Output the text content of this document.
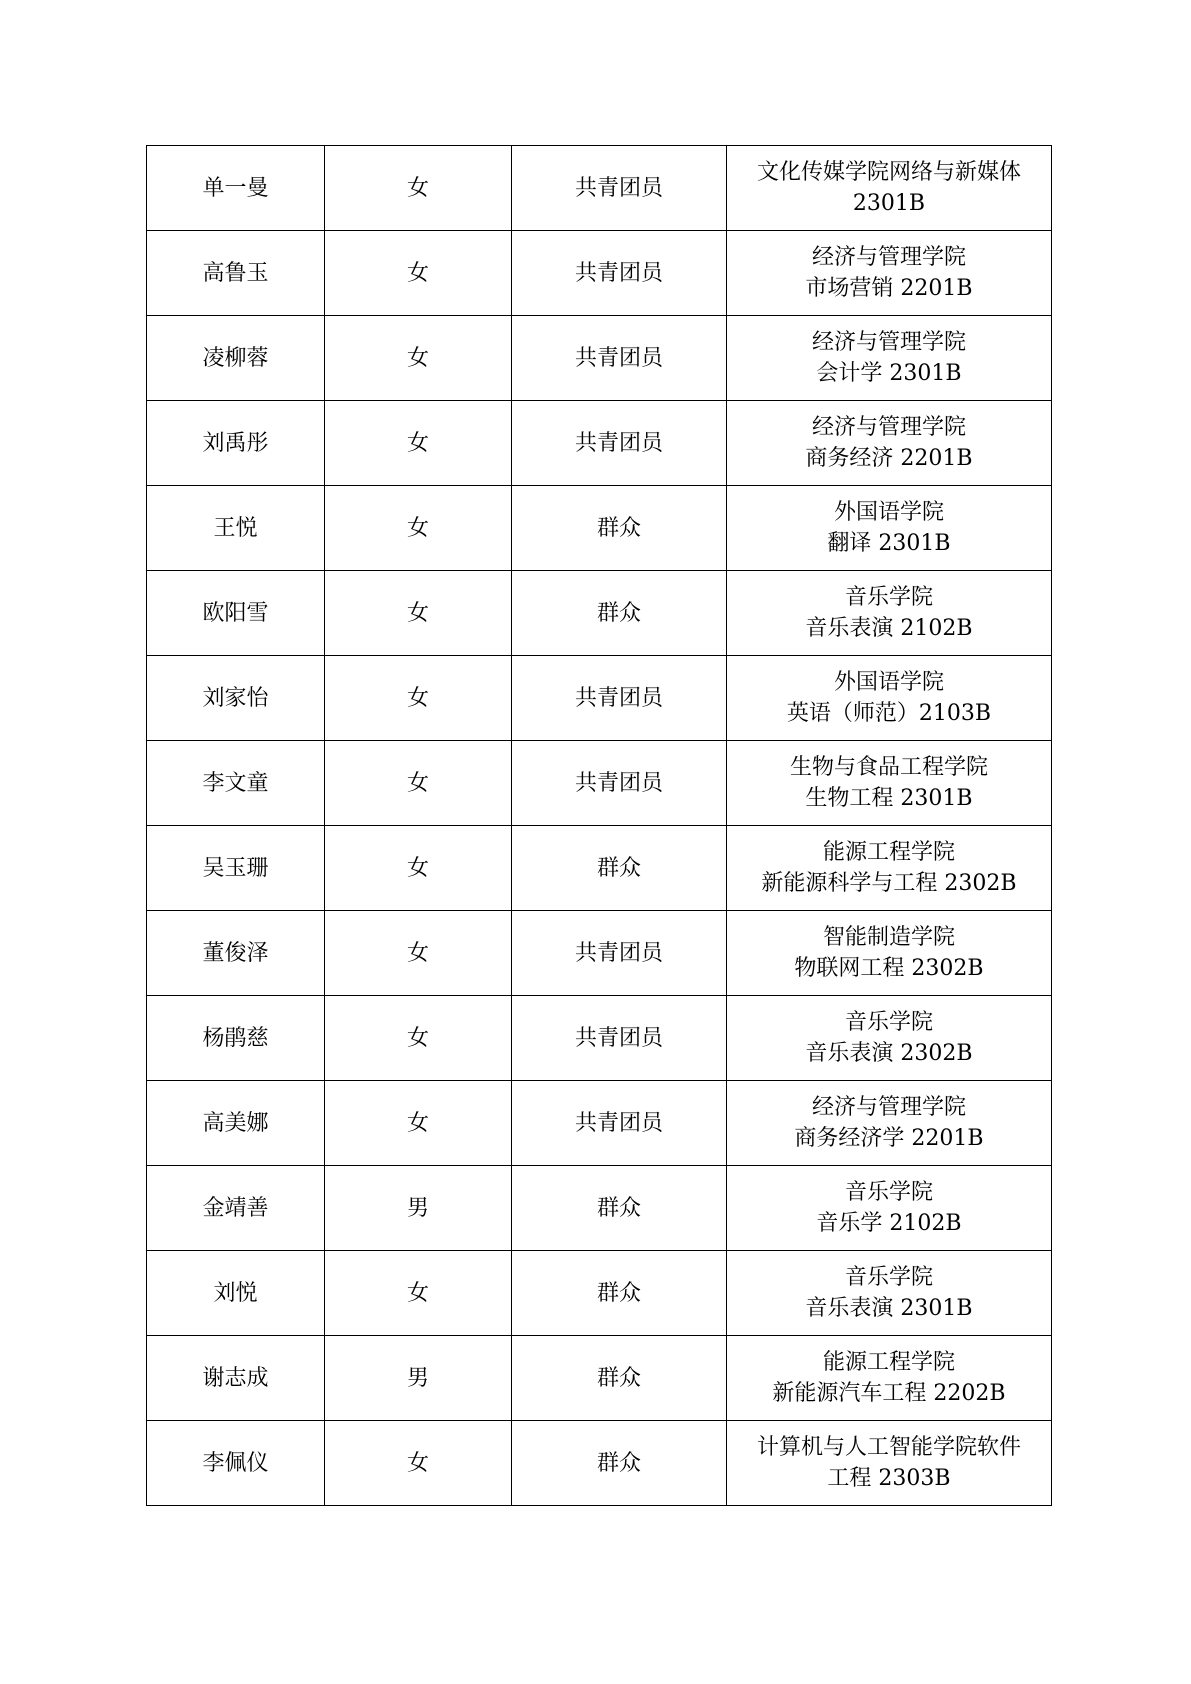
单一曼	女	共青团员	文化传媒学院网络与新媒体
2301B

高鲁玉	女	共青团员	经济与管理学院
市场营销 2201B

凌柳蓉	女	共青团员	经济与管理学院
会计学 2301B

刘禹彤	女	共青团员	经济与管理学院
商务经济 2201B

王悦	女	群众	外国语学院
翻译 2301B

欧阳雪	女	群众	音乐学院
音乐表演 2102B

刘家怡	女	共青团员	外国语学院
英语（师范）2103B

李文童	女	共青团员	生物与食品工程学院
生物工程 2301B

吴玉珊	女	群众	能源工程学院
新能源科学与工程 2302B

董俊泽	女	共青团员	智能制造学院
物联网工程 2302B

杨鹃慈	女	共青团员	音乐学院
音乐表演 2302B

高美娜	女	共青团员	经济与管理学院
商务经济学 2201B

金靖善	男	群众	音乐学院
音乐学 2102B

刘悦	女	群众	音乐学院
音乐表演 2301B

谢志成	男	群众	能源工程学院
新能源汽车工程 2202B

李佩仪	女	群众	计算机与人工智能学院软件
工程 2303B
